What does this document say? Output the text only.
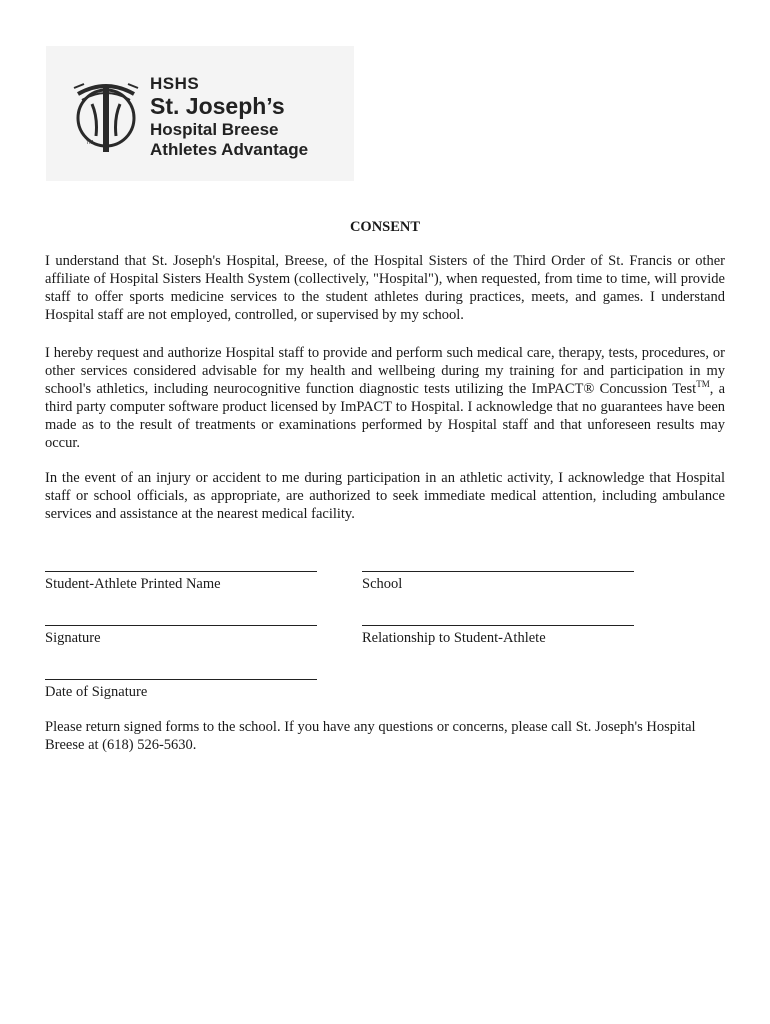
TM
HSHS
St. Joseph’s
Hospital Breese
Athletes Advantage
CONSENT

I understand that St. Joseph's Hospital, Breese, of the Hospital Sisters of the Third Order of St. Francis or other affiliate of Hospital Sisters Health System (collectively, "Hospital"), when requested, from time to time, will provide staff to offer sports medicine services to the student athletes during practices, meets, and games. I understand Hospital staff are not employed, controlled, or supervised by my school.

I hereby request and authorize Hospital staff to provide and perform such medical care, therapy, tests, procedures, or other services considered advisable for my health and wellbeing during my training for and participation in my school's athletics, including neurocognitive function diagnostic tests utilizing the ImPACT® Concussion Test™, a third party computer software product licensed by ImPACT to Hospital. I acknowledge that no guarantees have been made as to the result of treatments or examinations performed by Hospital staff and that unforeseen results may occur.

In the event of an injury or accident to me during participation in an athletic activity, I acknowledge that Hospital staff or school officials, as appropriate, are authorized to seek immediate medical attention, including ambulance services and assistance at the nearest medical facility.

Student-Athlete Printed Name	School
Signature	Relationship to Student-Athlete
Date of Signature

Please return signed forms to the school. If you have any questions or concerns, please call St. Joseph's Hospital Breese at (618) 526-5630.
